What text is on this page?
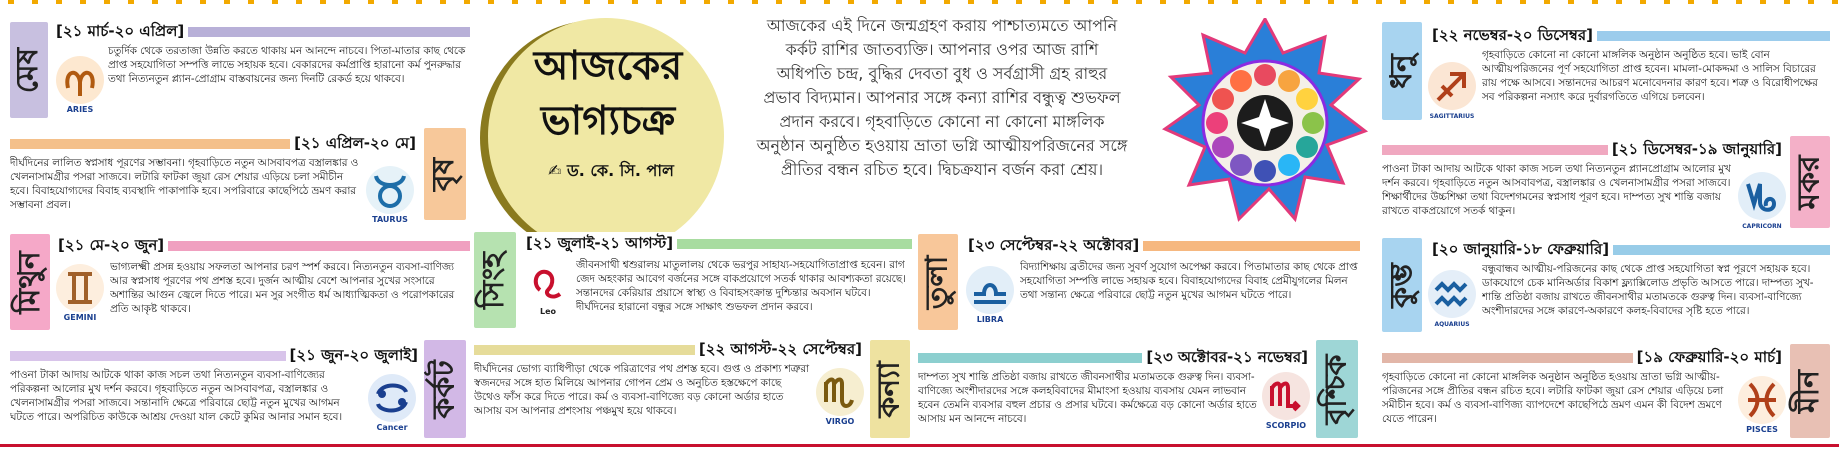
আজকের ভাগ্যচক্র
✍ ড. কে. সি. পাল
আজকের এই দিনে জন্মগ্রহণ করায় পাশ্চাত্যমতে আপনি কর্কট রাশির জাতব্যক্তি। আপনার ওপর আজ রাশি অধিপতি চন্দ্র, বুদ্ধির দেবতা বুধ ও সর্বগ্রাসী গ্রহ রাহুর প্রভাব বিদ্যমান। আপনার সঙ্গে কন্যা রাশির বন্ধুত্ব শুভফল প্রদান করবে। গৃহবাড়িতে কোনো না কোনো মাঙ্গলিক অনুষ্ঠান অনুষ্ঠিত হওয়ায় ভ্রাতা ভগ্নি আত্মীয়পরিজনের সঙ্গে প্রীতির বন্ধন রচিত হবে। দ্বিচক্রযান বর্জন করা শ্রেয়।
মেষ
[২১ মার্চ-২০ এপ্রিল]
ARIES
চতুর্দিক থেকে তরতাজা উন্নতি করতে থাকায় মন আনন্দে নাচবে। পিতা-মাতার কাছ থেকে প্রাপ্ত সহযোগিতা সম্পত্তি লাভে সহায়ক হবে। বেকারদের কর্মপ্রাপ্তি হারানো কর্ম পুনরুদ্ধার তথা নিত্যনতুন প্ল্যান-প্রোগ্রাম বাস্তবায়নের জন্য দিনটি রেকর্ড হয়ে থাকবে।
[২১ এপ্রিল-২০ মে]
বৃষ
দীর্ঘদিনের লালিত স্বপ্নসাধ পূরণের সম্ভাবনা। গৃহবাড়িতে নতুন আসবাবপত্র বস্ত্রালঙ্কার ও খেলনাসামগ্রীর পসরা সাজবে। লটারি ফাটকা জুয়া রেস শেয়ার এড়িয়ে চলা সমীচীন হবে। বিবাহযোগ্যদের বিবাহ ব্যবস্থাদি পাকাপাকি হবে। সপরিবারে কাছেপিঠে ভ্রমণ করার সম্ভাবনা প্রবল।
TAURUS
মিথুন
[২১ মে-২০ জুন]
GEMINI
ভাগ্যলক্ষ্মী প্রসন্ন হওয়ায় সফলতা আপনার চরণ স্পর্শ করবে। নিত্যনতুন ব্যবসা-বাণিজ্য আর স্বপ্নসাধ পূরণের পথ প্রশস্ত হবে। দুর্জন আত্মীয় বেশে আপনার সুখের সংসারে অশান্তির আগুন জ্বেলে দিতে পারে। মন সুর সংগীত ধর্ম আধ্যাত্মিকতা ও পরোপকারের প্রতি আকৃষ্ট থাকবে।
[২১ জুন-২০ জুলাই]
কর্কট
পাওনা টাকা আদায় আটকে থাকা কাজ সচল তথা নিত্যনতুন ব্যবসা-বাণিজ্যের পরিকল্পনা আলোর মুখ দর্শন করবে। গৃহবাড়িতে নতুন আসবাবপত্র, বস্ত্রালঙ্কার ও খেলনাসামগ্রীর পসরা সাজবে। সন্তানাদি ক্ষেত্রে পরিবারে ছোট্ট নতুন মুখের আগমন ঘটতে পারে। অপরিচিত কাউকে আশ্রয় দেওয়া যাল কেটে কুমির আনার সমান হবে।
Cancer
সিংহ
[২১ জুলাই-২১ আগস্ট]
Leo
জীবনসাথী শ্বশুরালয় মাতুলালয় থেকে ভরপুর সাহায্য-সহযোগিতাপ্রাপ্ত হবেন। রাগ জেদ অহংকার আবেগ বর্জনের সঙ্গে বাকপ্রয়োগে সতর্ক থাকার আবশ্যকতা রয়েছে। সন্তানদের কেরিয়ার প্রয়াসে স্বাস্থ্য ও বিবাহসংক্রান্ত দুশ্চিন্তার অবসান ঘটবে। দীর্ঘদিনের হারানো বন্ধুর সঙ্গে সাক্ষাৎ শুভফল প্রদান করবে।
[২২ আগস্ট-২২ সেপ্টেম্বর]
কন্যা
দীর্ঘদিনের ভোগ্য ব্যাধিপীড়া থেকে পরিত্রাণের পথ প্রশস্ত হবে। গুপ্ত ও প্রকাশ্য শত্রুরা স্বজনদের সঙ্গে হাত মিলিয়ে আপনার গোপন প্রেম ও অনুচিত হস্তক্ষেপে কাছে উথেও ফাঁস করে দিতে পারে। কর্ম ও ব্যবসা-বাণিজ্যে বড় কোনো অর্ডার হাতে আসায় বস আপনার প্রশংসায় পঞ্চমুখ হয়ে থাকবে।
VIRGO
তুলা
[২৩ সেপ্টেম্বর-২২ অক্টোবর]
LIBRA
বিদ্যাশিক্ষায় ব্রতীদের জন্য সুবর্ণ সুযোগ অপেক্ষা করবে। পিতামাতার কাছ থেকে প্রাপ্ত সহযোগিতা সম্পত্তি লাভে সহায়ক হবে। বিবাহযোগ্যদের বিবাহ প্রেমীযুগলের মিলন তথা সন্তান্য ক্ষেত্রে পরিবারে ছোট্ট নতুন মুখের আগমন ঘটতে পারে।
[২৩ অক্টোবর-২১ নভেম্বর] বৃশ্চিক
দাম্পত্য সুখ শান্তি প্রতিষ্ঠা বজায় রাখতে জীবনসাথীর মতামতকে গুরুত্ব দিন। ব্যবসা-বাণিজ্যে অংশীদারদের সঙ্গে কলহবিবাদের মীমাংসা হওয়ায় ব্যবসায় যেমন লাভবান হবেন তেমনি ব্যবসার বহুল প্রচার ও প্রসার ঘটবে। কর্মক্ষেত্রে বড় কোনো অর্ডার হাতে আসায় মন আনন্দে নাচবে।
SCORPIO
ধনু
[২২ নভেম্বর-২০ ডিসেম্বর]
SAGITTARIUS
গৃহবাড়িতে কোনো না কোনো মাঙ্গলিক অনুষ্ঠান অনুষ্ঠিত হবে। ভাই বোন আত্মীয়পরিজনের পূর্ণ সহযোগিতা প্রাপ্ত হবেন। মামলা-মোকদ্দমা ও সালিস বিচারের রায় পক্ষে আসবে। সন্তানদের আচরণ মনোবেদনার কারণ হবে। শত্রু ও বিরোধীপক্ষের সব পরিকল্পনা নস্যাৎ করে দুর্বারগতিতে এগিয়ে চলবেন।
[২১ ডিসেম্বর-১৯ জানুয়ারি]
মকর
পাওনা টাকা আদায় আটকে থাকা কাজ সচল তথা নিত্যনতুন প্ল্যানপ্রোগ্রাম আলোর মুখ দর্শন করবে। গৃহবাড়িতে নতুন আসবাবপত্র, বস্ত্রালঙ্কার ও খেলনাসামগ্রীর পসরা সাজবে। শিক্ষার্থীদের উচ্চশিক্ষা তথা বিদেশগমনের স্বপ্নসাধ পূরণ হবে। দাম্পত্য সুখ শান্তি বজায় রাখতে বাকপ্রয়োগে সতর্ক থাকুন।
CAPRICORN
কুম্ভ
[২০ জানুয়ারি-১৮ ফেব্রুয়ারি]
AQUARIUS
বন্ধুবান্ধব আত্মীয়-পরিজনের কাছ থেকে প্রাপ্ত সহযোগিতা স্বপ্ন পূরণে সহায়ক হবে। ডাকযোগে চেক মানিঅর্ডার বিকাশ ফ্ল্যাক্সিলোড প্রভৃতি আসতে পারে। দাম্পত্য সুখ-শান্তি প্রতিষ্ঠা বজায় রাখতে জীবনসাথীর মতামতকে গুরুত্ব দিন। ব্যবসা-বাণিজ্যে অংশীদারদের সঙ্গে কারণে-অকারণে কলহ-বিবাদের সৃষ্টি হতে পারে।
[১৯ ফেব্রুয়ারি-২০ মার্চ]
মীন
গৃহবাড়িতে কোনো না কোনো মাঙ্গলিক অনুষ্ঠান অনুষ্ঠিত হওয়ায় ভ্রাতা ভগ্নি আত্মীয়-পরিজনের সঙ্গে প্রীতির বন্ধন রচিত হবে। লটারি ফাটকা জুয়া রেস শেয়ার এড়িয়ে চলা সমীচীন হবে। কর্ম ও ব্যবসা-বাণিজ্য ব্যাপদেশে কাছেপিঠে ভ্রমণ এমন কী বিদেশ ভ্রমণে যেতে পারেন।
PISCES
